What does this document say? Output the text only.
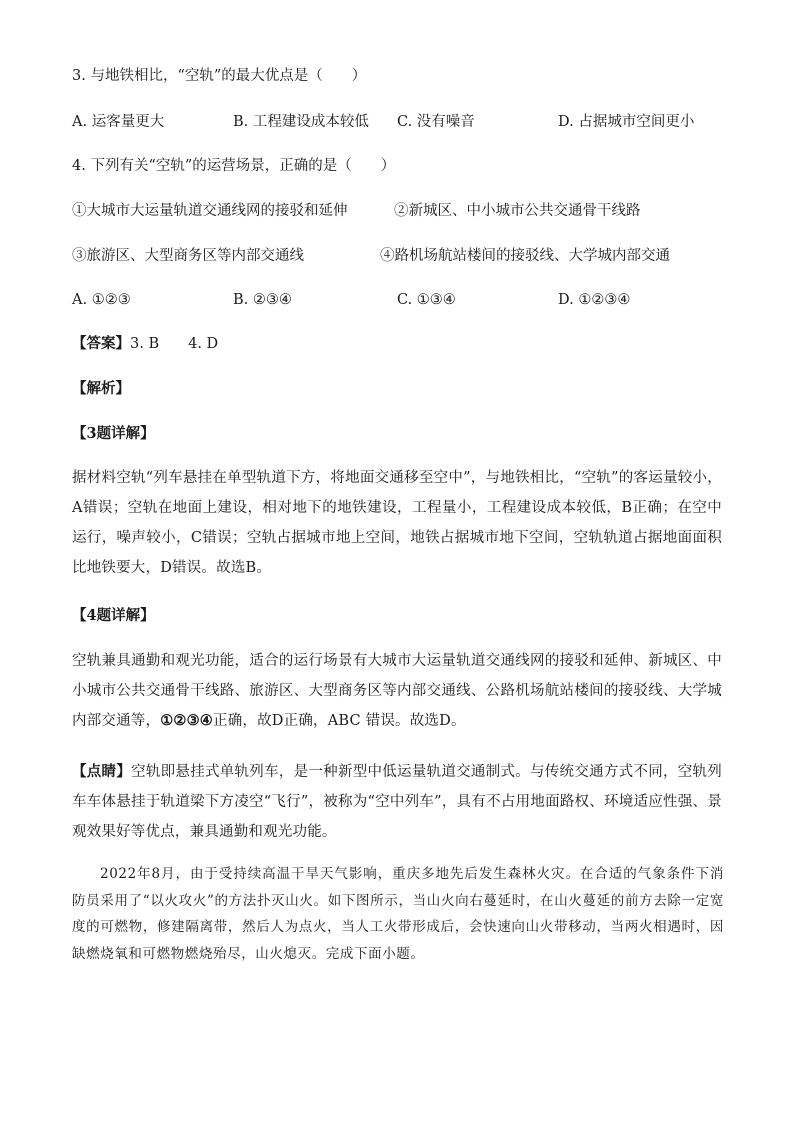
3. 与地铁相比，“空轨”的最大优点是（　　）
A. 运客量更大	B. 工程建设成本较低 C. 没有噪音	D. 占据城市空间更小
4. 下列有关“空轨”的运营场景，正确的是（　　）
①大城市大运量轨道交通线网的接驳和延伸	②新城区、中小城市公共交通骨干线路
③旅游区、大型商务区等内部交通线	④路机场航站楼间的接驳线、大学城内部交通
A. ①②③	B. ②③④	C. ①③④	D. ①②③④
【答案】3. B　　4. D
【解析】
【3题详解】
据材料空轨“列车悬挂在单型轨道下方，将地面交通移至空中”，与地铁相比，“空轨”的客运量较小，A错误；空轨在地面上建设，相对地下的地铁建设，工程量小，工程建设成本较低，B正确；在空中运行，噪声较小，C错误；空轨占据城市地上空间，地铁占据城市地下空间，空轨轨道占据地面面积比地铁要大，D错误。故选B。
【4题详解】
空轨兼具通勤和观光功能，适合的运行场景有大城市大运量轨道交通线网的接驳和延伸、新城区、中小城市公共交通骨干线路、旅游区、大型商务区等内部交通线、公路机场航站楼间的接驳线、大学城内部交通等，①②③④正确，故D正确，ABC 错误。故选D。
【点睛】空轨即悬挂式单轨列车，是一种新型中低运量轨道交通制式。与传统交通方式不同，空轨列车车体悬挂于轨道梁下方凌空“飞行”，被称为“空中列车”，具有不占用地面路权、环境适应性强、景观效果好等优点，兼具通勤和观光功能。
2022年8月，由于受持续高温干旱天气影响，重庆多地先后发生森林火灾。在合适的气象条件下消防员采用了“以火攻火”的方法扑灭山火。如下图所示，当山火向右蔓延时，在山火蔓延的前方去除一定宽度的可燃物，修建隔离带，然后人为点火，当人工火带形成后，会快速向山火带移动，当两火相遇时，因缺燃烧氧和可燃物燃烧殆尽，山火熄灭。完成下面小题。
